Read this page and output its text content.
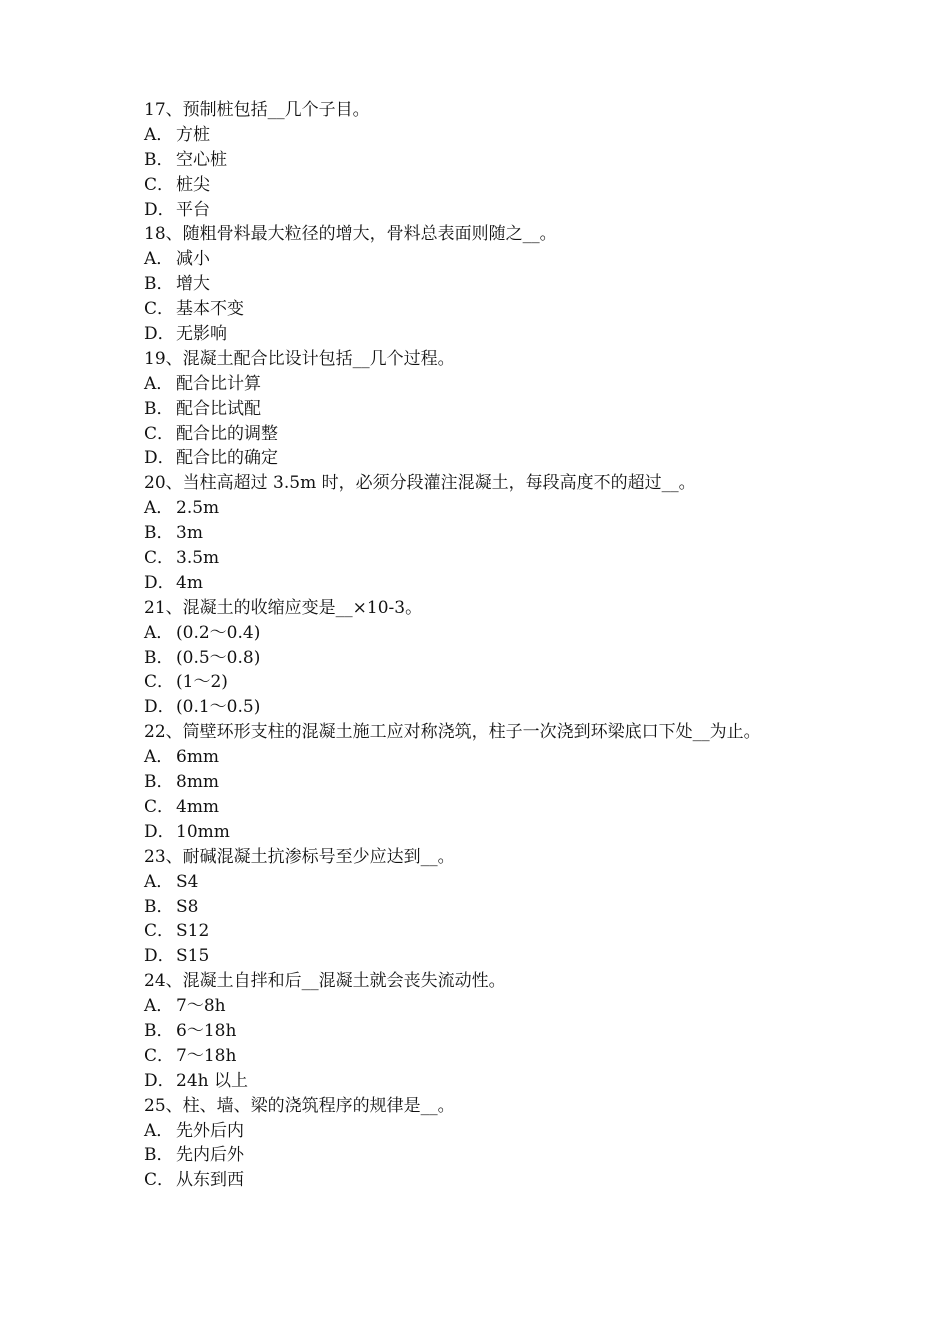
17、预制桩包括__几个子目。
A． 方桩
B． 空心桩
C． 桩尖
D． 平台
18、随粗骨料最大粒径的增大，骨料总表面则随之__。
A． 减小
B． 增大
C． 基本不变
D． 无影响
19、混凝土配合比设计包括__几个过程。
A． 配合比计算
B． 配合比试配
C． 配合比的调整
D． 配合比的确定
20、当柱高超过 3.5m 时，必须分段灌注混凝土，每段高度不的超过__。
A． 2.5m
B． 3m
C． 3.5m
D． 4m
21、混凝土的收缩应变是__×10-3。
A． (0.2～0.4)
B． (0.5～0.8)
C． (1～2)
D． (0.1～0.5)
22、筒壁环形支柱的混凝土施工应对称浇筑，柱子一次浇到环梁底口下处__为止。
A． 6mm
B． 8mm
C． 4mm
D． 10mm
23、耐碱混凝土抗渗标号至少应达到__。
A． S4
B． S8
C． S12
D． S15
24、混凝土自拌和后__混凝土就会丧失流动性。
A． 7～8h
B． 6～18h
C． 7～18h
D． 24h 以上
25、柱、墙、梁的浇筑程序的规律是__。
A． 先外后内
B． 先内后外
C． 从东到西
